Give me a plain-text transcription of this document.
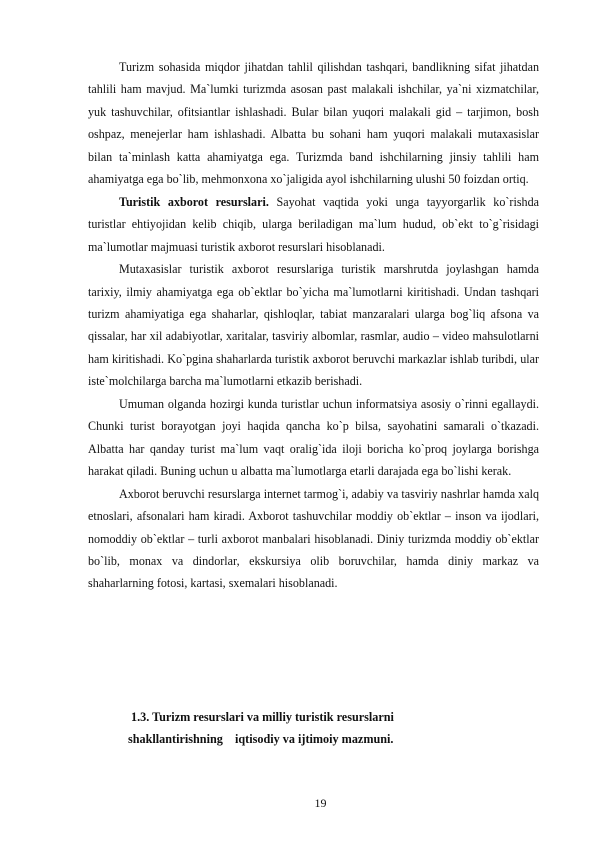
Turizm sohasida miqdor jihatdan tahlil qilishdan tashqari, bandlikning sifat jihatdan tahlili ham mavjud. Ma`lumki turizmda asosan past malakali ishchilar, ya`ni xizmatchilar, yuk tashuvchilar, ofitsiantlar ishlashadi. Bular bilan yuqori malakali gid – tarjimon, bosh oshpaz, menejerlar ham ishlashadi. Albatta bu sohani ham yuqori malakali mutaxasislar bilan ta`minlash katta ahamiyatga ega. Turizmda band ishchilarning jinsiy tahlili ham ahamiyatga ega bo`lib, mehmonxona xo`jaligida ayol ishchilarning ulushi 50 foizdan ortiq.

Turistik axborot resurslari. Sayohat vaqtida yoki unga tayyorgarlik ko`rishda turistlar ehtiyojidan kelib chiqib, ularga beriladigan ma`lum hudud, ob`ekt to`g`risidagi ma`lumotlar majmuasi turistik axborot resurslari hisoblanadi.

Mutaxasislar turistik axborot resurslariga turistik marshrutda joylashgan hamda tarixiy, ilmiy ahamiyatga ega ob`ektlar bo`yicha ma`lumotlarni kiritishadi. Undan tashqari turizm ahamiyatiga ega shaharlar, qishloqlar, tabiat manzaralari ularga bog`liq afsona va qissalar, har xil adabiyotlar, xaritalar, tasviriy albomlar, rasmlar, audio – video mahsulotlarni ham kiritishadi. Ko`pgina shaharlarda turistik axborot beruvchi markazlar ishlab turibdi, ular iste`molchilarga barcha ma`lumotlarni etkazib berishadi.

Umuman olganda hozirgi kunda turistlar uchun informatsiya asosiy o`rinni egallaydi. Chunki turist borayotgan joyi haqida qancha ko`p bilsa, sayohatini samarali o`tkazadi. Albatta har qanday turist ma`lum vaqt oralig`ida iloji boricha ko`proq joylarga borishga harakat qiladi. Buning uchun u albatta ma`lumotlarga etarli darajada ega bo`lishi kerak.

Axborot beruvchi resurslarga internet tarmog`i, adabiy va tasviriy nashrlar hamda xalq etnoslari, afsonalari ham kiradi. Axborot tashuvchilar moddiy ob`ektlar – inson va ijodlari, nomoddiy ob`ektlar – turli axborot manbalari hisoblanadi. Diniy turizmda moddiy ob`ektlar bo`lib, monax va dindorlar, ekskursiya olib boruvchilar, hamda diniy markaz va shaharlarning fotosi, kartasi, sxemalari hisoblanadi.

1.3. Turizm resurslari va milliy turistik resurslarni
shakllantirishning    iqtisodiy va ijtimoiy mazmuni.
19
